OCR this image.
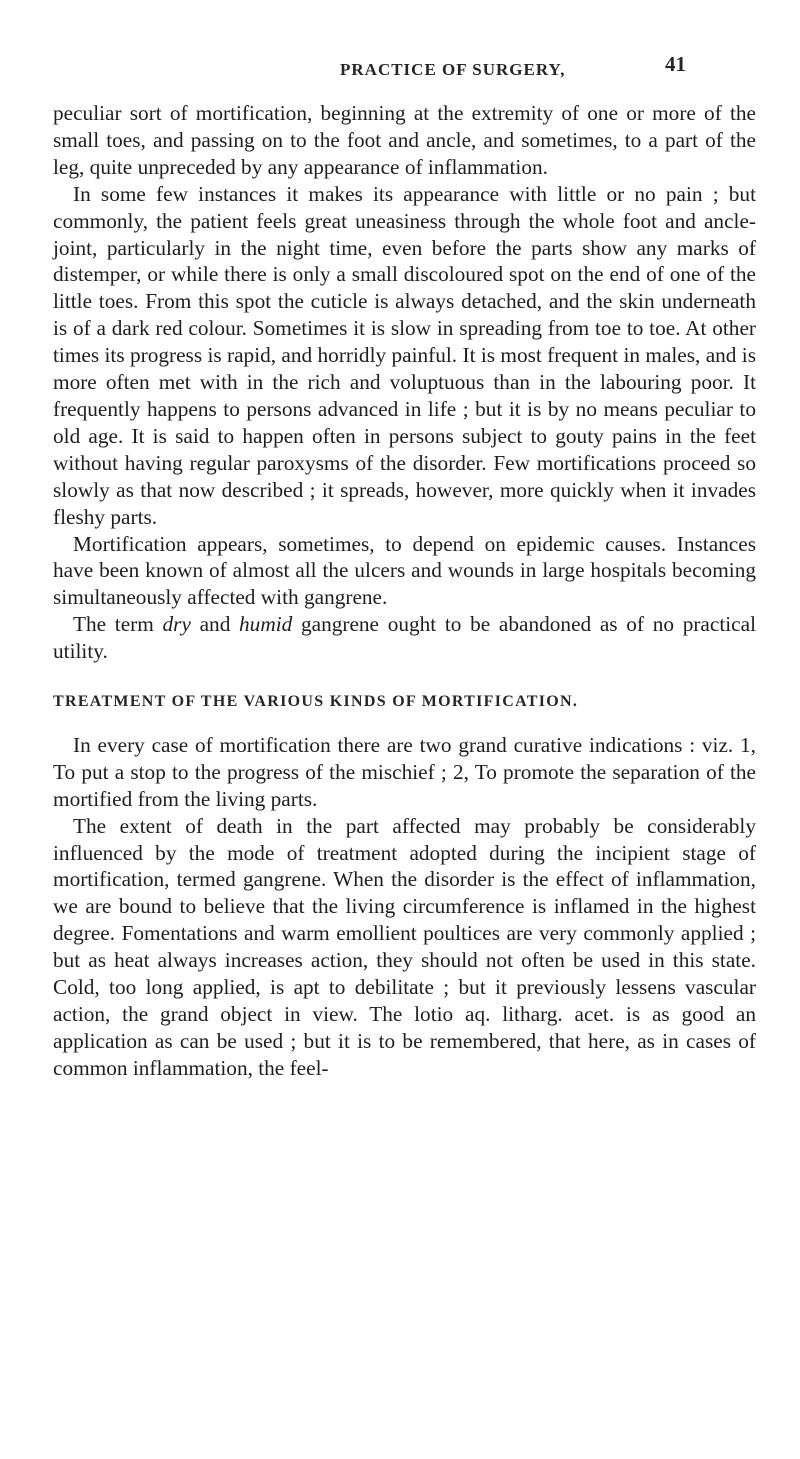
PRACTICE OF SURGERY,	41

peculiar sort of mortification, beginning at the extremity of one or more of the small toes, and passing on to the foot and ancle, and sometimes, to a part of the leg, quite unpreceded by any appearance of inflammation.

In some few instances it makes its appearance with little or no pain ; but commonly, the patient feels great uneasiness through the whole foot and ancle-joint, particularly in the night time, even before the parts show any marks of distemper, or while there is only a small discoloured spot on the end of one of the little toes. From this spot the cuticle is always detached, and the skin underneath is of a dark red colour. Sometimes it is slow in spreading from toe to toe. At other times its progress is rapid, and horridly painful. It is most frequent in males, and is more often met with in the rich and voluptuous than in the labouring poor. It frequently happens to persons advanced in life ; but it is by no means peculiar to old age. It is said to happen often in persons subject to gouty pains in the feet without having regular paroxysms of the disorder. Few mortifications proceed so slowly as that now described ; it spreads, however, more quickly when it invades fleshy parts.

Mortification appears, sometimes, to depend on epidemic causes. Instances have been known of almost all the ulcers and wounds in large hospitals becoming simultaneously affected with gangrene.

The term dry and humid gangrene ought to be abandoned as of no practical utility.

TREATMENT OF THE VARIOUS KINDS OF MORTIFICATION.

In every case of mortification there are two grand curative indications : viz. 1, To put a stop to the progress of the mischief ; 2, To promote the separation of the mortified from the living parts.

The extent of death in the part affected may probably be considerably influenced by the mode of treatment adopted during the incipient stage of mortification, termed gangrene. When the disorder is the effect of inflammation, we are bound to believe that the living circumference is inflamed in the highest degree. Fomentations and warm emollient poultices are very commonly applied ; but as heat always increases action, they should not often be used in this state. Cold, too long applied, is apt to debilitate ; but it previously lessens vascular action, the grand object in view. The lotio aq. litharg. acet. is as good an application as can be used ; but it is to be remembered, that here, as in cases of common inflammation, the feel-
